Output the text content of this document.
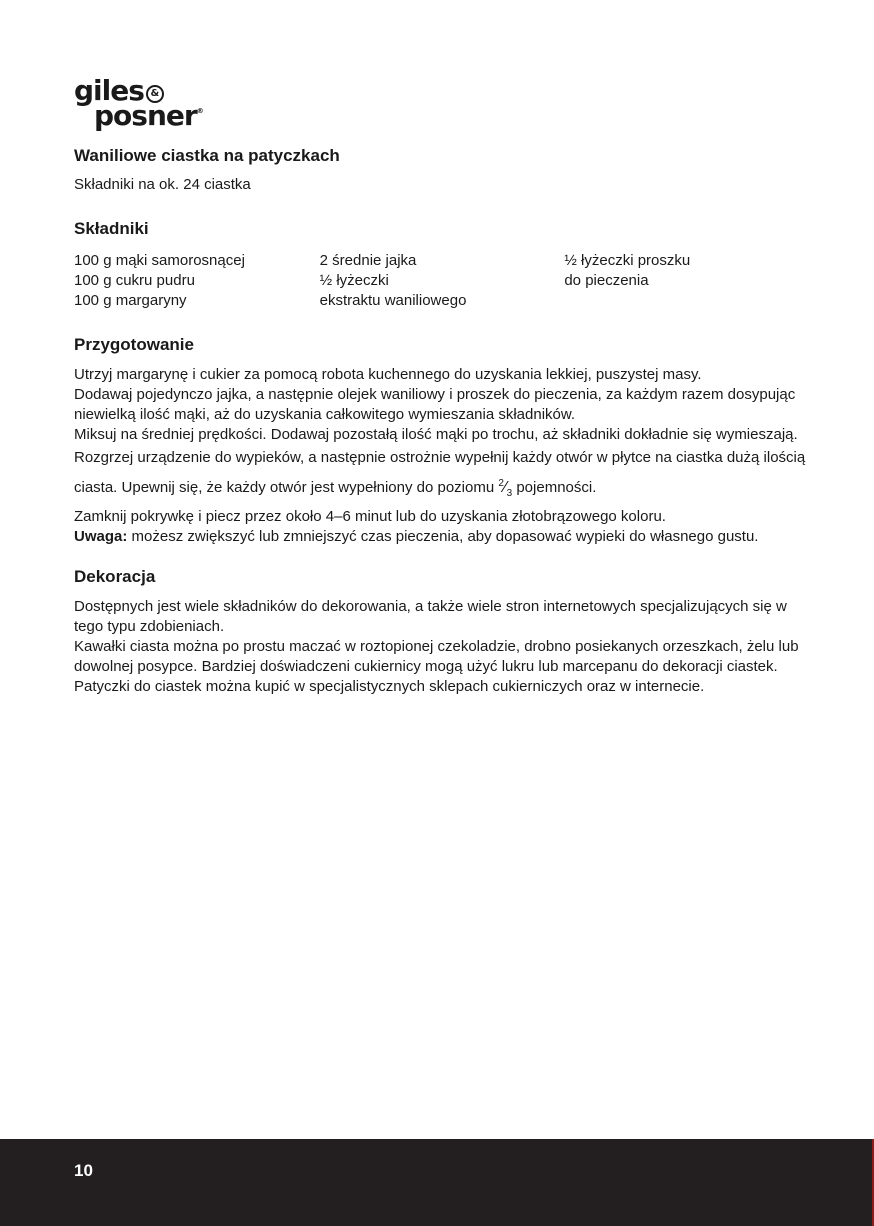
giles &
posner®
Waniliowe ciastka na patyczkach
Składniki na ok. 24 ciastka
Składniki
100 g mąki samorosnącej
100 g cukru pudru
100 g margaryny
2 średnie jajka
½ łyżeczki
ekstraktu waniliowego
½ łyżeczki proszku
do pieczenia
Przygotowanie

Utrzyj margarynę i cukier za pomocą robota kuchennego do uzyskania lekkiej, puszystej masy.

Dodawaj pojedynczo jajka, a następnie olejek waniliowy i proszek do pieczenia, za każdym razem dosypując niewielką ilość mąki, aż do uzyskania całkowitego wymieszania składników.

Miksuj na średniej prędkości. Dodawaj pozostałą ilość mąki po trochu, aż składniki dokładnie się wymieszają.

Rozgrzej urządzenie do wypieków, a następnie ostrożnie wypełnij każdy otwór w płytce na ciastka dużą ilością ciasta. Upewnij się, że każdy otwór jest wypełniony do poziomu $^2⁄_3$ pojemności.

Zamknij pokrywkę i piecz przez około 4–6 minut lub do uzyskania złotobrązowego koloru.

Uwaga: możesz zwiększyć lub zmniejszyć czas pieczenia, aby dopasować wypieki do własnego gustu.

Dekoracja

Dostępnych jest wiele składników do dekorowania, a także wiele stron internetowych specjalizujących się w tego typu zdobieniach.

Kawałki ciasta można po prostu maczać w roztopionej czekoladzie, drobno posiekanych orzeszkach, żelu lub dowolnej posypce. Bardziej doświadczeni cukiernicy mogą użyć lukru lub marcepanu do dekoracji ciastek.

Patyczki do ciastek można kupić w specjalistycznych sklepach cukierniczych oraz w internecie.

10
